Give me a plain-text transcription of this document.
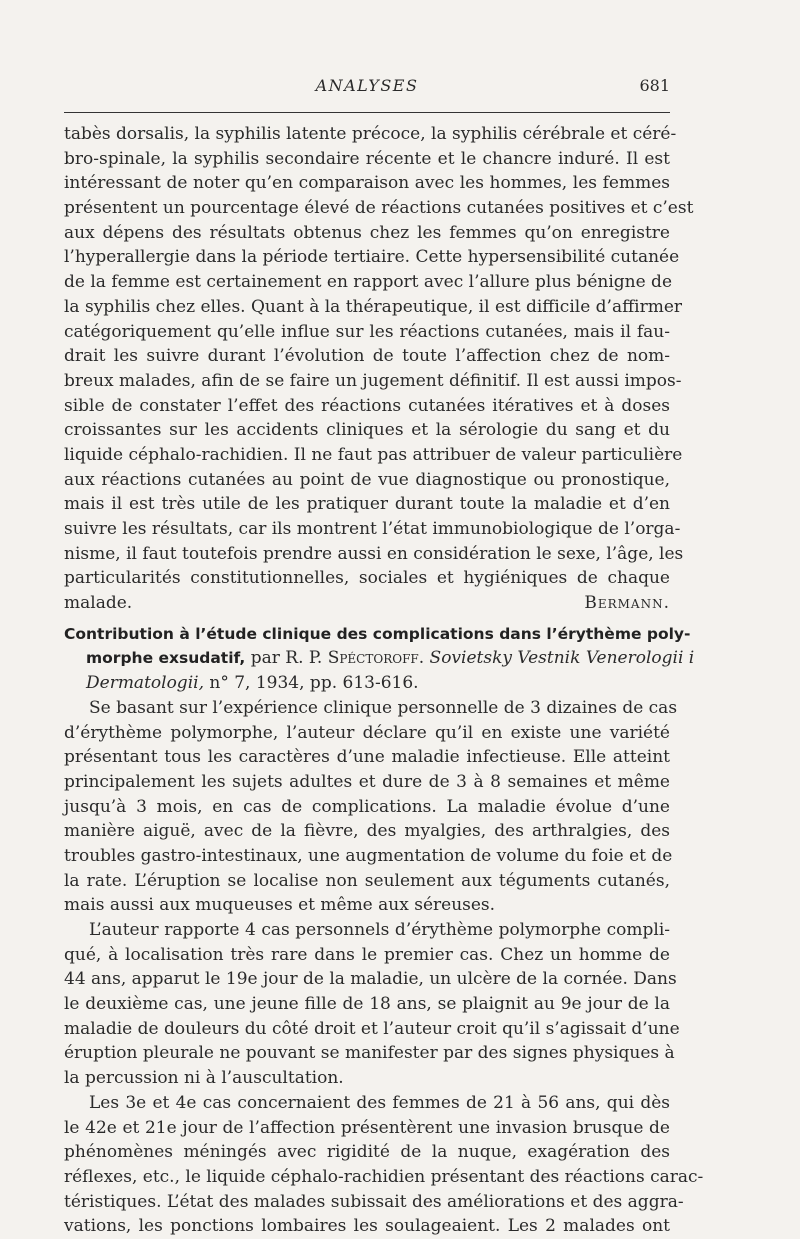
ANALYSES	681
tabès dorsalis, la syphilis latente précoce, la syphilis cérébrale et céré-
bro-spinale, la syphilis secondaire récente et le chancre induré. Il est
intéressant de noter qu’en comparaison avec les hommes, les femmes
présentent un pourcentage élevé de réactions cutanées positives et c’est
aux dépens des résultats obtenus chez les femmes qu’on enregistre
l’hyperallergie dans la période tertiaire. Cette hypersensibilité cutanée
de la femme est certainement en rapport avec l’allure plus bénigne de
la syphilis chez elles. Quant à la thérapeutique, il est difficile d’affirmer
catégoriquement qu’elle influe sur les réactions cutanées, mais il fau-
drait les suivre durant l’évolution de toute l’affection chez de nom-
breux malades, afin de se faire un jugement définitif. Il est aussi impos-
sible de constater l’effet des réactions cutanées itératives et à doses
croissantes sur les accidents cliniques et la sérologie du sang et du
liquide céphalo-rachidien. Il ne faut pas attribuer de valeur particulière
aux réactions cutanées au point de vue diagnostique ou pronostique,
mais il est très utile de les pratiquer durant toute la maladie et d’en
suivre les résultats, car ils montrent l’état immunobiologique de l’orga-
nisme, il faut toutefois prendre aussi en considération le sexe, l’âge, les
particularités constitutionnelles, sociales et hygiéniques de chaque
malade.	Bermann.
Contribution à l’étude clinique des complications dans l’érythème poly-
morphe exsudatif, par R. P. Spéctoroff. Sovietsky Vestnik Venerologii i
Dermatologii, n° 7, 1934, pp. 613-616.
Se basant sur l’expérience clinique personnelle de 3 dizaines de cas
d’érythème polymorphe, l’auteur déclare qu’il en existe une variété
présentant tous les caractères d’une maladie infectieuse. Elle atteint
principalement les sujets adultes et dure de 3 à 8 semaines et même
jusqu’à 3 mois, en cas de complications. La maladie évolue d’une
manière aiguë, avec de la fièvre, des myalgies, des arthralgies, des
troubles gastro-intestinaux, une augmentation de volume du foie et de
la rate. L’éruption se localise non seulement aux téguments cutanés,
mais aussi aux muqueuses et même aux séreuses.
L’auteur rapporte 4 cas personnels d’érythème polymorphe compli-
qué, à localisation très rare dans le premier cas. Chez un homme de
44 ans, apparut le 19e jour de la maladie, un ulcère de la cornée. Dans
le deuxième cas, une jeune fille de 18 ans, se plaignit au 9e jour de la
maladie de douleurs du côté droit et l’auteur croit qu’il s’agissait d’une
éruption pleurale ne pouvant se manifester par des signes physiques à
la percussion ni à l’auscultation.
Les 3e et 4e cas concernaient des femmes de 21 à 56 ans, qui dès
le 42e et 21e jour de l’affection présentèrent une invasion brusque de
phénomènes méningés avec rigidité de la nuque, exagération des
réflexes, etc., le liquide céphalo-rachidien présentant des réactions carac-
téristiques. L’état des malades subissait des améliorations et des aggra-
vations, les ponctions lombaires les soulageaient. Les 2 malades ont
